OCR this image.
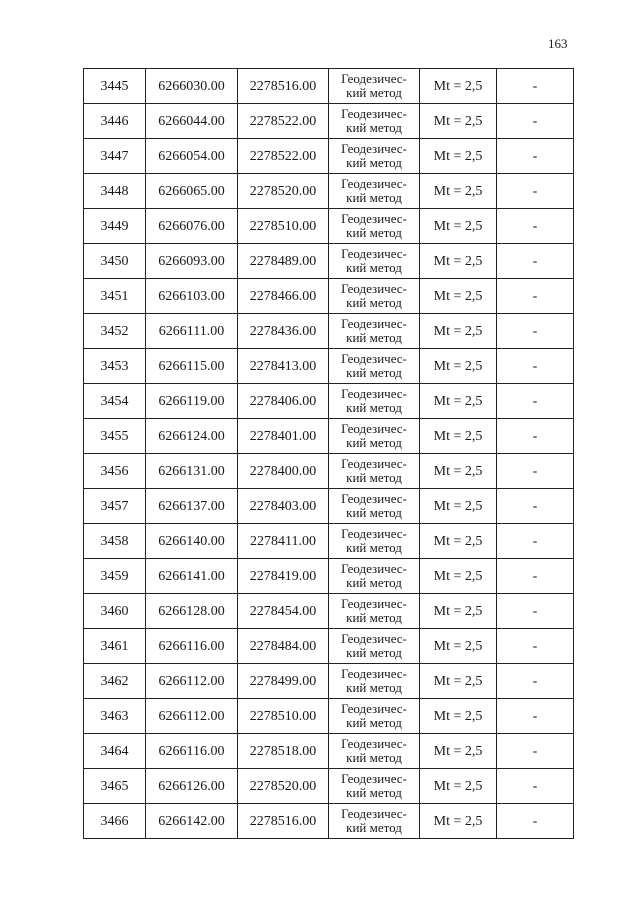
163
3445	6266030.00	2278516.00	Геодезичес-
кий метод	Mt = 2,5	-
3446	6266044.00	2278522.00	Геодезичес-
кий метод	Mt = 2,5	-
3447	6266054.00	2278522.00	Геодезичес-
кий метод	Mt = 2,5	-
3448	6266065.00	2278520.00	Геодезичес-
кий метод	Mt = 2,5	-
3449	6266076.00	2278510.00	Геодезичес-
кий метод	Mt = 2,5	-
3450	6266093.00	2278489.00	Геодезичес-
кий метод	Mt = 2,5	-
3451	6266103.00	2278466.00	Геодезичес-
кий метод	Mt = 2,5	-
3452	6266111.00	2278436.00	Геодезичес-
кий метод	Mt = 2,5	-
3453	6266115.00	2278413.00	Геодезичес-
кий метод	Mt = 2,5	-
3454	6266119.00	2278406.00	Геодезичес-
кий метод	Mt = 2,5	-
3455	6266124.00	2278401.00	Геодезичес-
кий метод	Mt = 2,5	-
3456	6266131.00	2278400.00	Геодезичес-
кий метод	Mt = 2,5	-
3457	6266137.00	2278403.00	Геодезичес-
кий метод	Mt = 2,5	-
3458	6266140.00	2278411.00	Геодезичес-
кий метод	Mt = 2,5	-
3459	6266141.00	2278419.00	Геодезичес-
кий метод	Mt = 2,5	-
3460	6266128.00	2278454.00	Геодезичес-
кий метод	Mt = 2,5	-
3461	6266116.00	2278484.00	Геодезичес-
кий метод	Mt = 2,5	-
3462	6266112.00	2278499.00	Геодезичес-
кий метод	Mt = 2,5	-
3463	6266112.00	2278510.00	Геодезичес-
кий метод	Mt = 2,5	-
3464	6266116.00	2278518.00	Геодезичес-
кий метод	Mt = 2,5	-
3465	6266126.00	2278520.00	Геодезичес-
кий метод	Mt = 2,5	-
3466	6266142.00	2278516.00	Геодезичес-
кий метод	Mt = 2,5	-
